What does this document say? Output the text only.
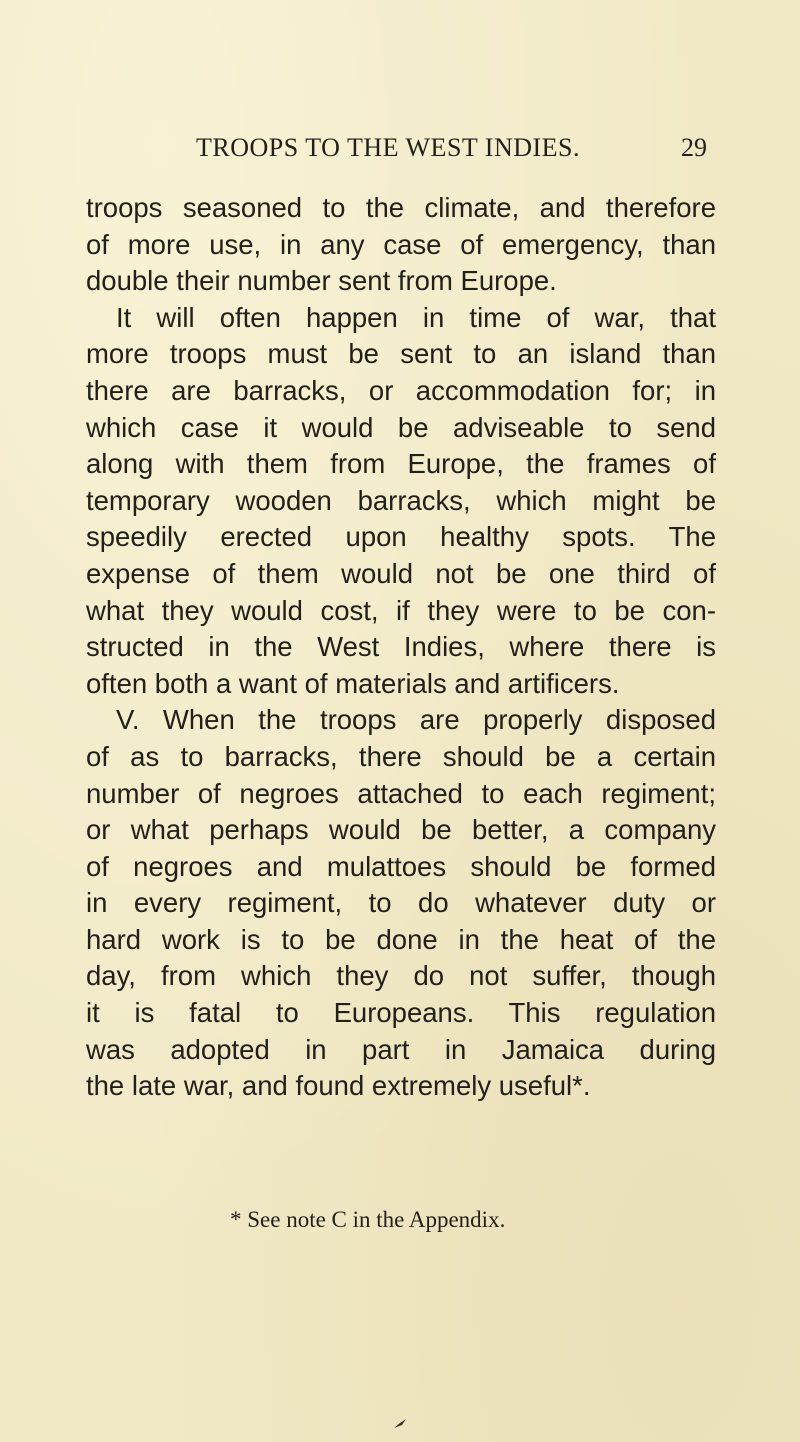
TROOPS TO THE WEST INDIES.	29
troops seasoned to the climate, and therefore
of more use, in any case of emergency, than
double their number sent from Europe.
It will often happen in time of war, that
more troops must be sent to an island than
there are barracks, or accommodation for; in
which case it would be adviseable to send
along with them from Europe, the frames of
temporary wooden barracks, which might be
speedily erected upon healthy spots. The
expense of them would not be one third of
what they would cost, if they were to be con-
structed in the West Indies, where there is
often both a want of materials and artificers.
V. When the troops are properly disposed
of as to barracks, there should be a certain
number of negroes attached to each regiment;
or what perhaps would be better, a company
of negroes and mulattoes should be formed
in every regiment, to do whatever duty or
hard work is to be done in the heat of the
day, from which they do not suffer, though
it is fatal to Europeans. This regulation
was adopted in part in Jamaica during
the late war, and found extremely useful*.
* See note C in the Appendix.
